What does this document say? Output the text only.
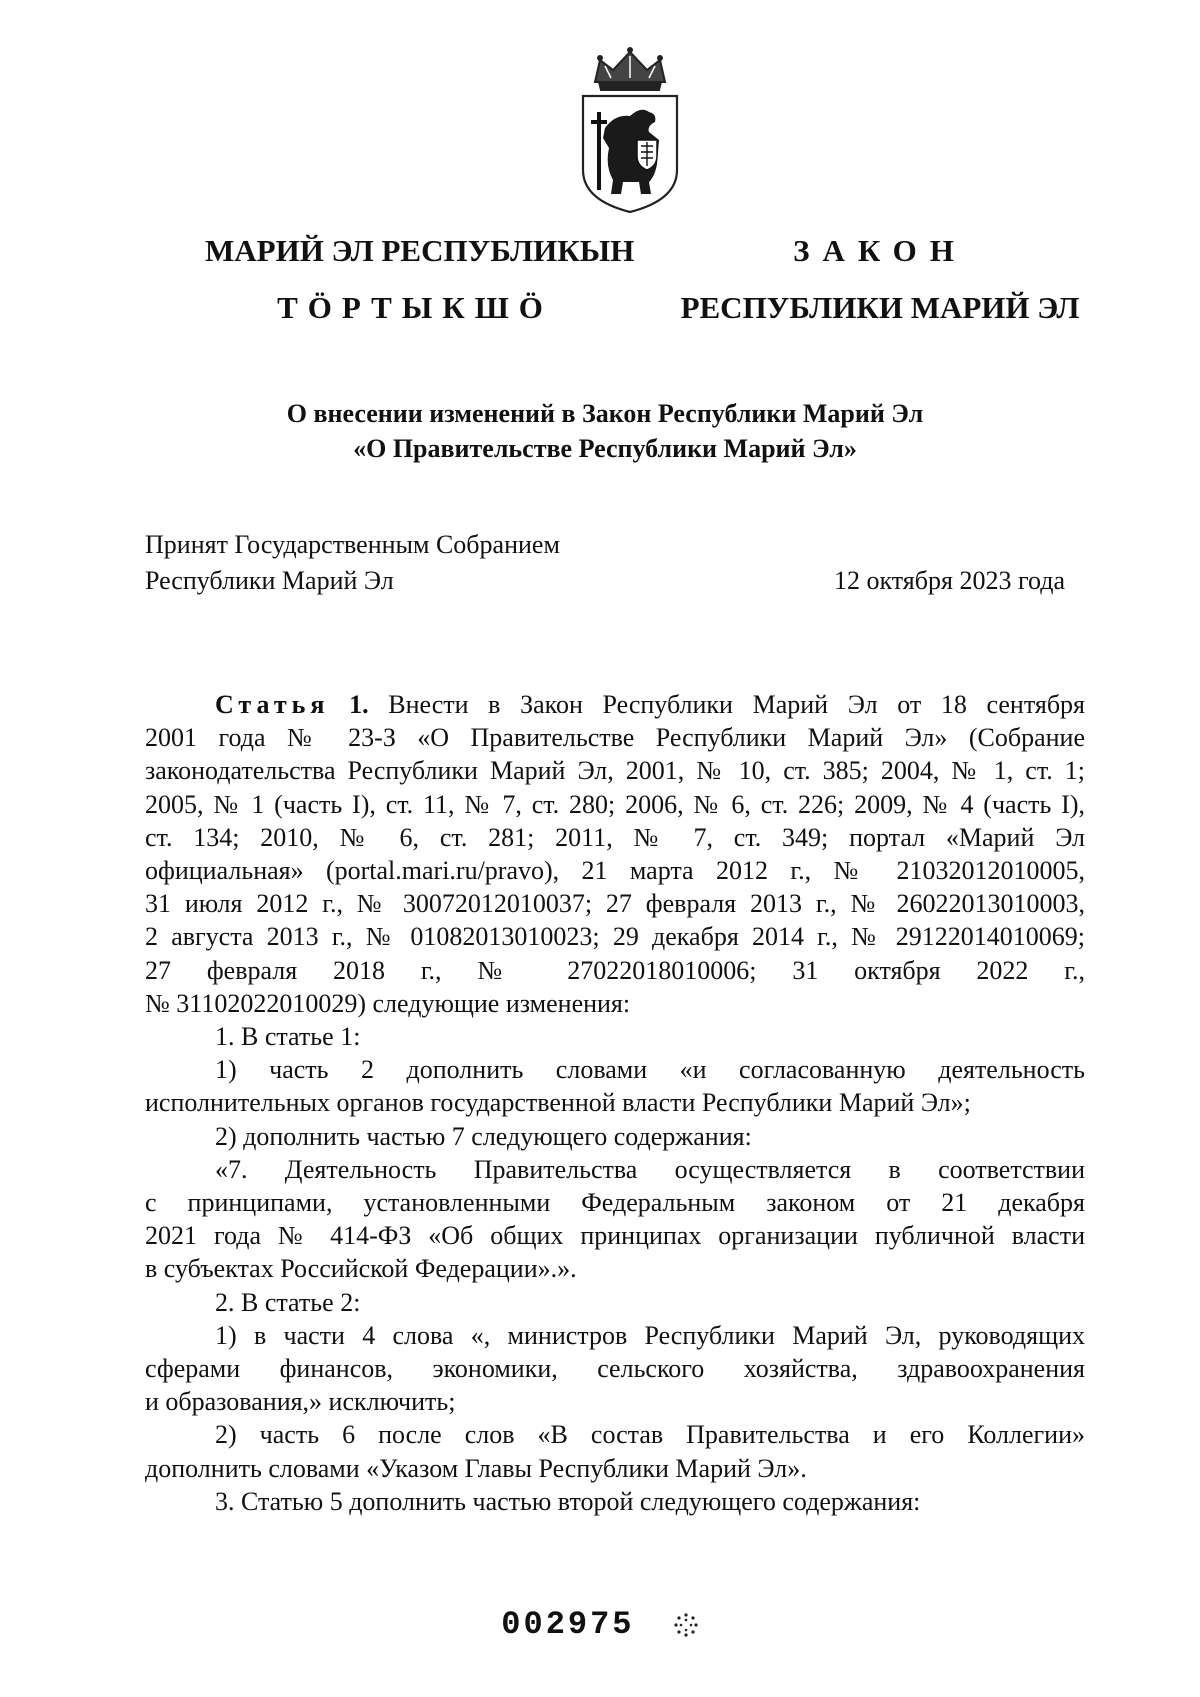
МАРИЙ ЭЛ РЕСПУБЛИКЫН
ТӦРТЫКШӦ
ЗАКОН
РЕСПУБЛИКИ МАРИЙ ЭЛ
О внесении изменений в Закон Республики Марий Эл
«О Правительстве Республики Марий Эл»
Принят Государственным Собранием
Республики Марий Эл	12 октября 2023 года
Статья 1. Внести в Закон Республики Марий Эл от 18 сентября
2001 года № 23-З «О Правительстве Республики Марий Эл» (Собрание
законодательства Республики Марий Эл, 2001, № 10, ст. 385; 2004, № 1, ст. 1;
2005, № 1 (часть I), ст. 11, № 7, ст. 280; 2006, № 6, ст. 226; 2009, № 4 (часть I),
ст. 134; 2010, № 6, ст. 281; 2011, № 7, ст. 349; портал «Марий Эл
официальная» (portal.mari.ru/pravo), 21 марта 2012 г., № 21032012010005,
31 июля 2012 г., № 30072012010037; 27 февраля 2013 г., № 26022013010003,
2 августа 2013 г., № 01082013010023; 29 декабря 2014 г., № 29122014010069;
27 февраля 2018 г., № 27022018010006; 31 октября 2022 г.,
№ 31102022010029) следующие изменения:
1. В статье 1:
1) часть 2 дополнить словами «и согласованную деятельность
исполнительных органов государственной власти Республики Марий Эл»;
2) дополнить частью 7 следующего содержания:
«7. Деятельность Правительства осуществляется в соответствии
с принципами, установленными Федеральным законом от 21 декабря
2021 года № 414-ФЗ «Об общих принципах организации публичной власти
в субъектах Российской Федерации».».
2. В статье 2:
1) в части 4 слова «, министров Республики Марий Эл, руководящих
сферами финансов, экономики, сельского хозяйства, здравоохранения
и образования,» исключить;
2) часть 6 после слов «В состав Правительства и его Коллегии»
дополнить словами «Указом Главы Республики Марий Эл».
3. Статью 5 дополнить частью второй следующего содержания:
002975
